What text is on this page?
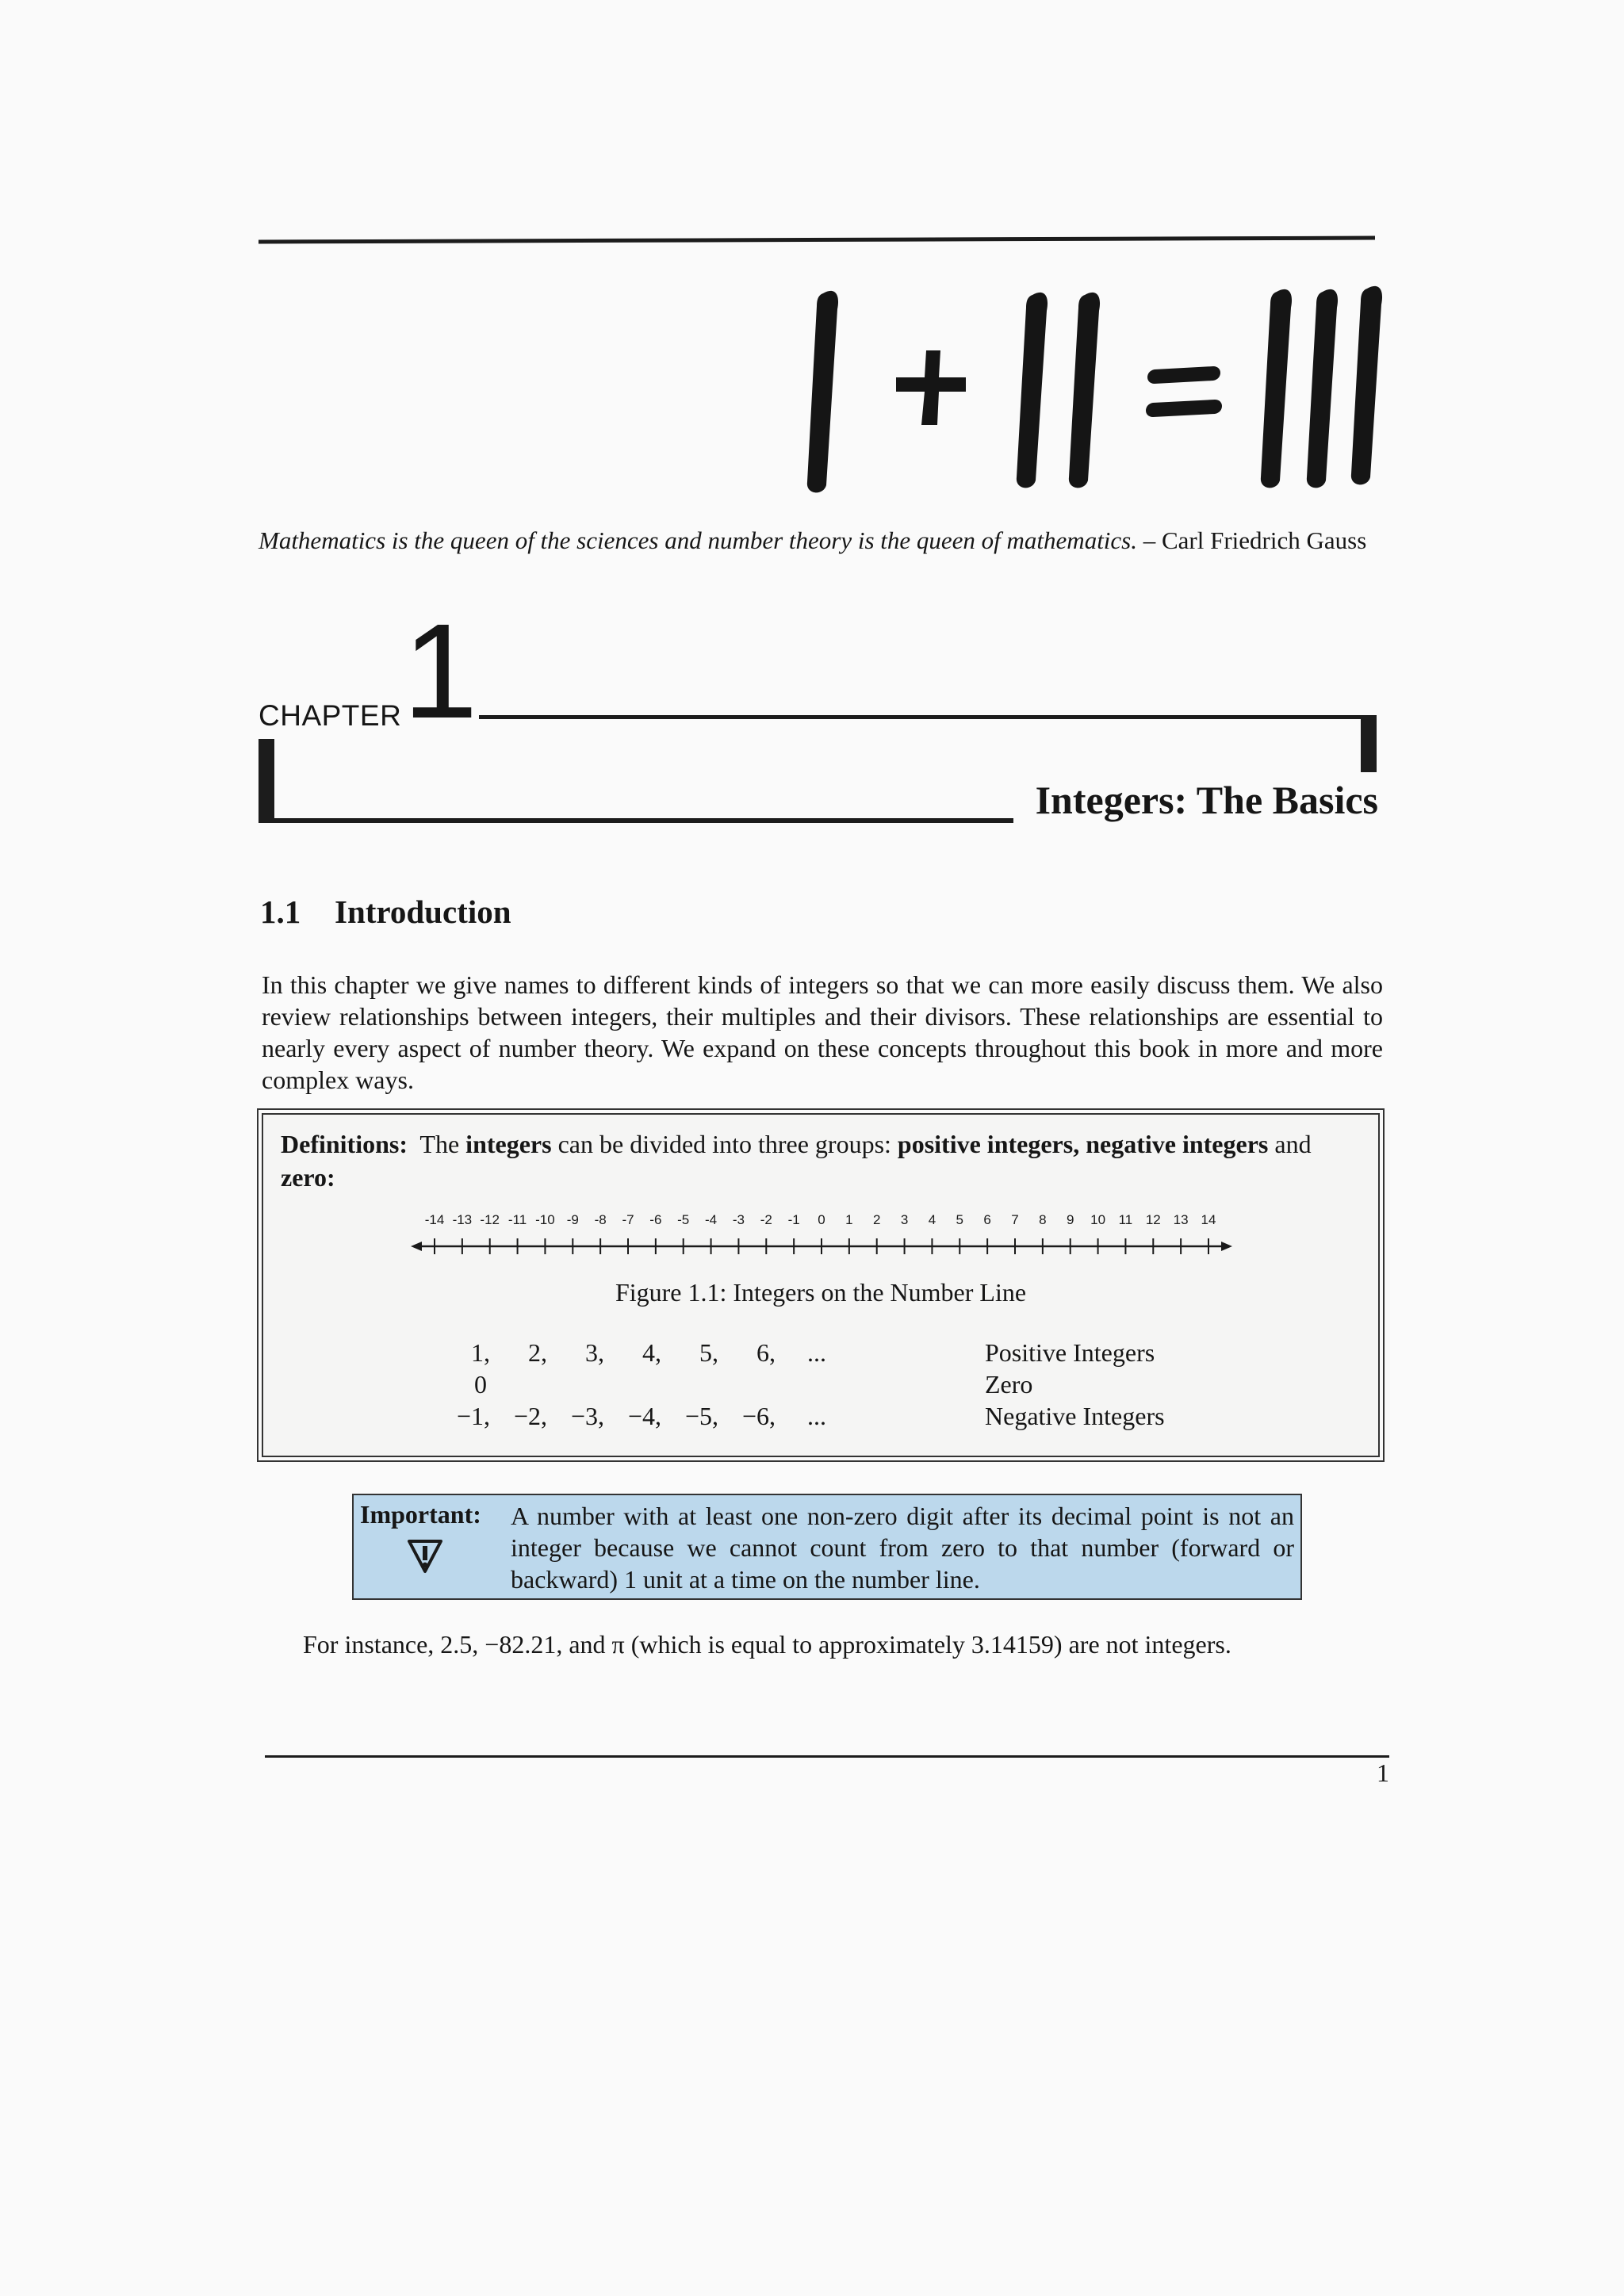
Mathematics is the queen of the sciences and number theory is the queen of mathematics. – Carl Friedrich Gauss
CHAPTER 1
Integers: The Basics
1.1 Introduction
In this chapter we give names to different kinds of integers so that we can more easily discuss them. We also review relationships between integers, their multiples and their divisors. These relationships are essential to nearly every aspect of number theory. We expand on these concepts throughout this book in more and more complex ways.
Definitions: The integers can be divided into three groups: positive integers, negative integers and zero:
-14 -13 -12 -11 -10 -9 -8 -7 -6 -5 -4 -3 -2 -1 0 1 2 3 4 5 6 7 8 9 10 11 12 13 14
Figure 1.1: Integers on the Number Line
1, 2, 3, 4, 5, 6, ...	Positive Integers
0	Zero
−1, −2, −3, −4, −5, −6, ...	Negative Integers
Important: A number with at least one non-zero digit after its decimal point is not an integer because we cannot count from zero to that number (forward or backward) 1 unit at a time on the number line.
For instance, 2.5, −82.21, and π (which is equal to approximately 3.14159) are not integers.
1
